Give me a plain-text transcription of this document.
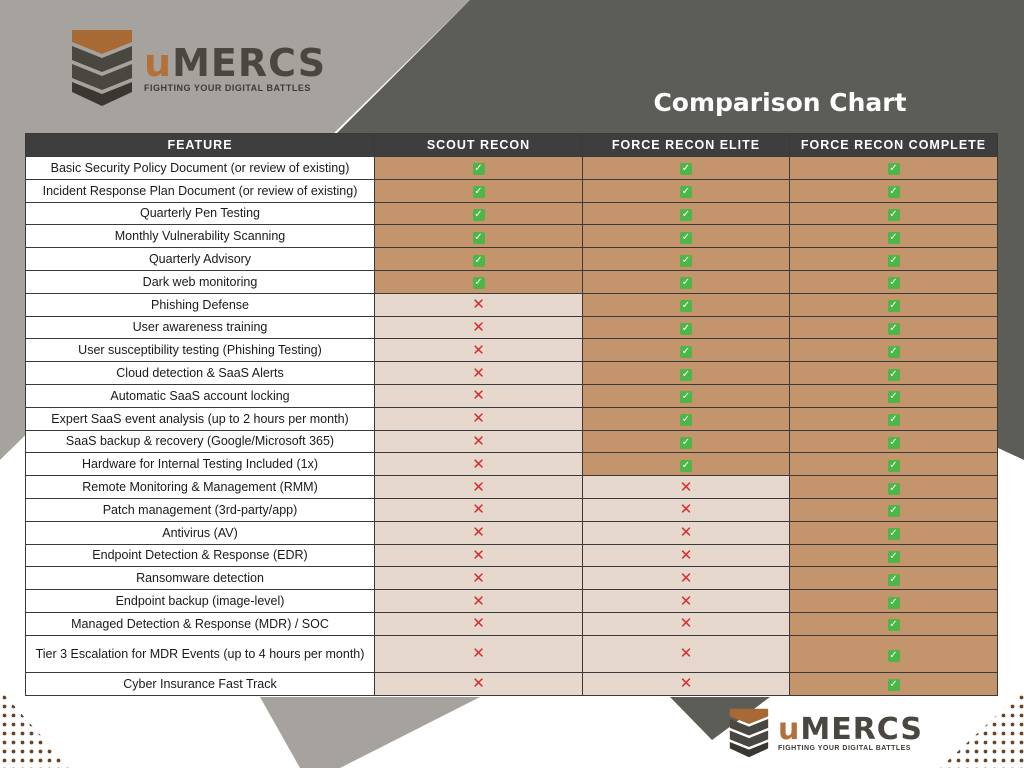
uMERCS
FIGHTING YOUR DIGITAL BATTLES
Comparison Chart
FEATURE	SCOUT RECON	FORCE RECON ELITE	FORCE RECON COMPLETE
Basic Security Policy Document (or review of existing)	✓	✓	✓
Incident Response Plan Document (or review of existing)	✓	✓	✓
Quarterly Pen Testing	✓	✓	✓
Monthly Vulnerability Scanning	✓	✓	✓
Quarterly Advisory	✓	✓	✓
Dark web monitoring	✓	✓	✓
Phishing Defense	✕	✓	✓
User awareness training	✕	✓	✓
User susceptibility testing (Phishing Testing)	✕	✓	✓
Cloud detection & SaaS Alerts	✕	✓	✓
Automatic SaaS account locking	✕	✓	✓
Expert SaaS event analysis (up to 2 hours per month)	✕	✓	✓
SaaS backup & recovery (Google/Microsoft 365)	✕	✓	✓
Hardware for Internal Testing Included (1x)	✕	✓	✓
Remote Monitoring & Management (RMM)	✕	✕	✓
Patch management (3rd-party/app)	✕	✕	✓
Antivirus (AV)	✕	✕	✓
Endpoint Detection & Response (EDR)	✕	✕	✓
Ransomware detection	✕	✕	✓
Endpoint backup (image-level)	✕	✕	✓
Managed Detection & Response (MDR) / SOC	✕	✕	✓
Tier 3 Escalation for MDR Events (up to 4 hours per month)	✕	✕	✓
Cyber Insurance Fast Track	✕	✕	✓
uMERCS
FIGHTING YOUR DIGITAL BATTLES
